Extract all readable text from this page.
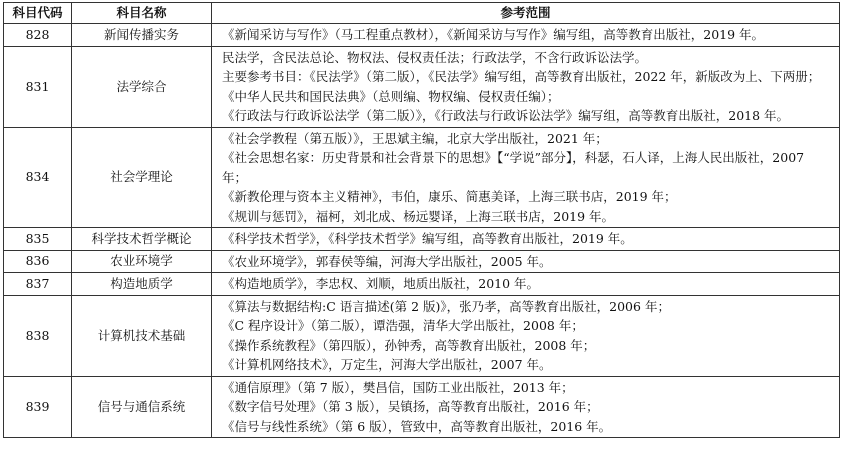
科目代码	科目名称	参考范围
828	新闻传播实务	《新闻采访与写作》（马工程重点教材），《新闻采访与写作》编写组，高等教育出版社，2019 年。

831	法学综合	民法学，含民法总论、物权法、侵权责任法；行政法学，不含行政诉讼法学。
主要参考书目：《民法学》（第二版），《民法学》编写组，高等教育出版社，2022 年，新版改为上、下两册；
《中华人民共和国民法典》（总则编、物权编、侵权责任编）；
《行政法与行政诉讼法学（第二版）》，《行政法与行政诉讼法学》编写组，高等教育出版社，2018 年。

834	社会学理论	《社会学教程（第五版）》，王思斌主编，北京大学出版社，2021 年；
《社会思想名家：历史背景和社会背景下的思想》【“学说”部分】，科瑟，石人译，上海人民出版社，2007 年；
《新教伦理与资本主义精神》，韦伯，康乐、简惠美译，上海三联书店，2019 年；
《规训与惩罚》，福柯，刘北成、杨远婴译，上海三联书店，2019 年。

835	科学技术哲学概论	《科学技术哲学》，《科学技术哲学》编写组，高等教育出版社，2019 年。

836	农业环境学	《农业环境学》，郭春侯等编，河海大学出版社，2005 年。

837	构造地质学	《构造地质学》，李忠权、刘顺，地质出版社，2010 年。

838	计算机技术基础	《算法与数据结构:C 语言描述(第 2 版)》，张乃孝，高等教育出版社，2006 年；
《C 程序设计》（第二版），谭浩强，清华大学出版社，2008 年；
《操作系统教程》（第四版），孙钟秀，高等教育出版社，2008 年；
《计算机网络技术》，万定生，河海大学出版社，2007 年。

839	信号与通信系统	《通信原理》（第 7 版），樊昌信，国防工业出版社，2013 年；
《数字信号处理》（第 3 版），吴镇扬，高等教育出版社，2016 年；
《信号与线性系统》（第 6 版），管致中，高等教育出版社，2016 年。
